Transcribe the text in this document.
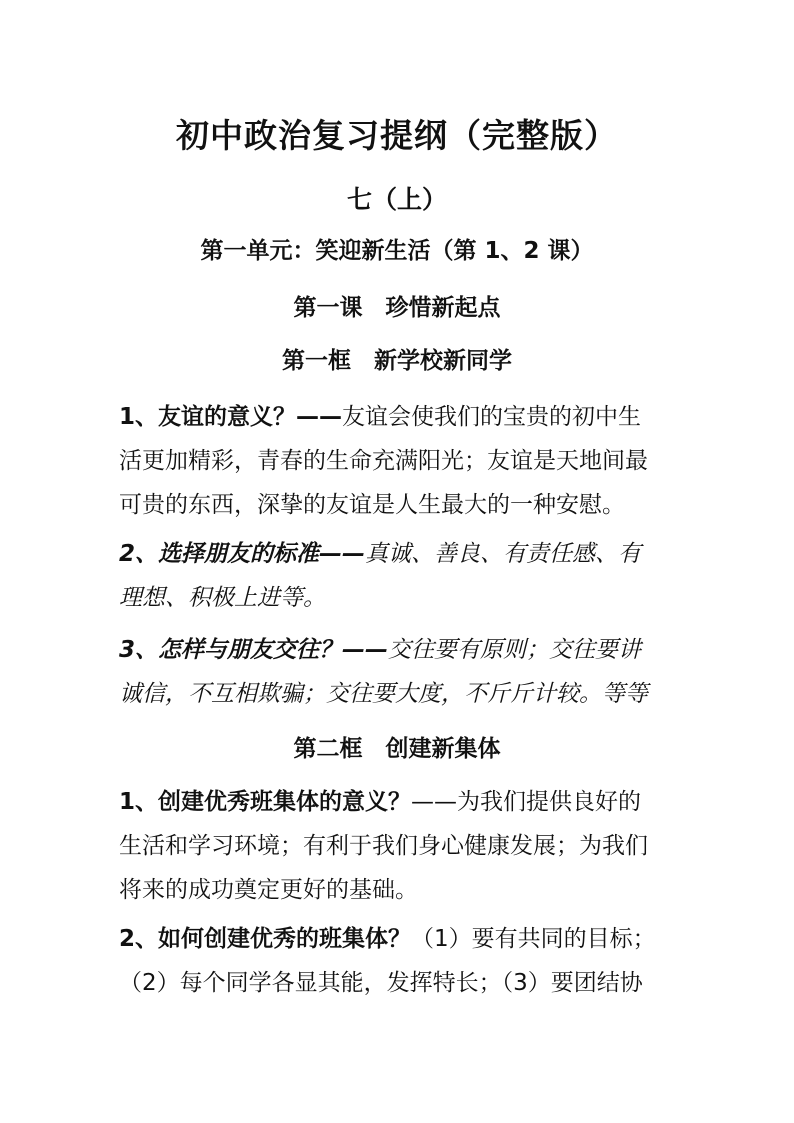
初中政治复习提纲（完整版）
七（上）
第一单元：笑迎新生活（第 1、2 课）
第一课　珍惜新起点
第一框　新学校新同学
1、友谊的意义？——友谊会使我们的宝贵的初中生
活更加精彩，青春的生命充满阳光；友谊是天地间最
可贵的东西，深挚的友谊是人生最大的一种安慰。
2、选择朋友的标准——真诚、善良、有责任感、有
理想、积极上进等。
3、怎样与朋友交往？——交往要有原则；交往要讲
诚信，不互相欺骗；交往要大度，不斤斤计较。等等
第二框　创建新集体
1、创建优秀班集体的意义？——为我们提供良好的
生活和学习环境；有利于我们身心健康发展；为我们
将来的成功奠定更好的基础。
2、如何创建优秀的班集体？（1）要有共同的目标；
（2）每个同学各显其能，发挥特长；（3）要团结协
